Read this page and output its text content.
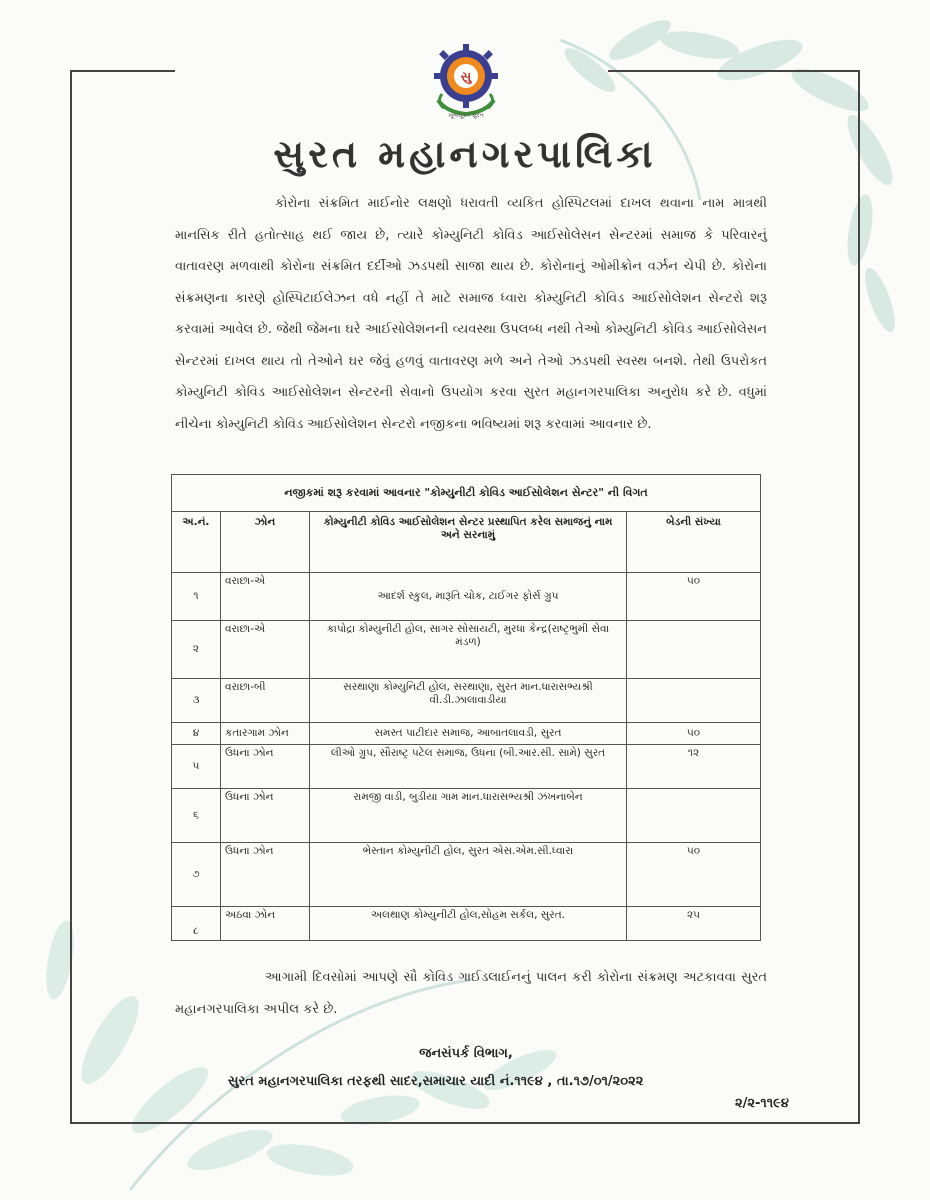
સુ
ખૂબસૂરત સુરત
સુરત મહાનગરપાલિકા

કોરોના સંક્રમિત માઈનોર લક્ષણો ધરાવતી વ્યકિત હોસ્પિટલમાં દાખલ થવાના નામ માત્રથી માનસિક રીતે હતોત્સાહ થઈ જાય છે, ત્યારે કોમ્યુનિટી કોવિડ આઈસોલેસન સેન્ટરમાં સમાજ કે પરિવારનું વાતાવરણ મળવાથી કોરોના સંક્રમિત દર્દીઓ ઝડપથી સાજા થાય છે. કોરોનાનું ઓમીક્રોન વર્ઝન ચેપી છે. કોરોના સંક્રમણના કારણે હોસ્પિટાઈલેઝન વધે નહીં તે માટે સમાજ ધ્વારા કોમ્યુનિટી કોવિડ આઈસોલેશન સેન્ટરો શરૂ કરવામાં આવેલ છે. જેથી જેમના ઘરે આઈસોલેશનની વ્યવસ્થા ઉપલબ્ધ નથી તેઓ કોમ્યુનિટી કોવિડ આઈસોલેસન સેન્ટરમાં દાખલ થાય તો તેઓને ઘર જેવું હળવું વાતાવરણ મળે અને તેઓ ઝડપથી સ્વસ્થ બનશે. તેથી ઉપરોકત કોમ્યુનિટી કોવિડ આઈસોલેશન સેન્ટરની સેવાનો ઉપયોગ કરવા સુરત મહાનગરપાલિકા અનુરોધ કરે છે. વધુમાં નીચેના કોમ્યુનિટી કોવિડ આઈસોલેશન સેન્ટરો નજીકના ભવિષ્યમાં શરૂ કરવામાં આવનાર છે.

નજીકમાં શરૂ કરવામાં આવનાર "કોમ્યુનીટી કોવિડ આઈસોલેશન સેન્ટર" ની વિગત			
અ.નં.	ઝોન	કોમ્યુનીટી કોવિડ આઈસોલેશન સેન્ટર પ્રસ્થાપિત કરેલ સમાજનું નામ અને સરનામું	બેડની સંખ્યા
૧	વરાછા-એ	આદર્શ સ્કુલ, મારૂતિ ચોક, ટાઈગર ફોર્સ ગ્રુપ	૫૦
૨	વરાછા-એ	કાપોદ્રા કોમ્યુનીટી હોલ, સાગર સોસાયટી, મુરધા કેન્દ્ર(રાષ્ટ્રભુમી સેવા મંડળ)	
૩	વરાછા-બી	સરથાણા કોમ્યુનિટી હોલ, સરથાણા, સુરત માન.ધારાસભ્યશ્રી વી.ડી.ઝાલાવાડીયા	
૪	કતારગામ ઝોન	સમસ્ત પાટીદાર સમાજ, આબાતલાવડી, સુરત	૫૦
૫	ઉધના ઝોન	લીઓ ગ્રુપ, સૌરાષ્ટ્ર પટેલ સમાજ, ઉધના (બી.આર.સી. સામે) સુરત	૧૨
૬	ઉધના ઝોન	રામજી વાડી, બુડીયા ગામ માન.ધારાસભ્યશ્રી ઝંખનાબેન	
૭	ઉધના ઝોન	ભેસ્તાન કોમ્યુનીટી હોલ, સુરત એસ.એમ.સી.ધ્વારા	૫૦
૮	અઠવા ઝોન	અલથાણ કોમ્યુનીટી હોલ,સોહમ સર્કલ, સુરત.	૨૫

આગામી દિવસોમાં આપણે સૌ કોવિડ ગાઈડલાઈનનું પાલન કરી કોરોના સંક્રમણ અટકાવવા સુરત મહાનગરપાલિકા અપીલ કરે છે.

જનસંપર્ક વિભાગ,
સુરત મહાનગરપાલિકા તરફથી સાદર,સમાચાર યાદી નં.૧૧૯૪ , તા.૧૭/૦૧/૨૦૨૨
૨/૨-૧૧૯૪
